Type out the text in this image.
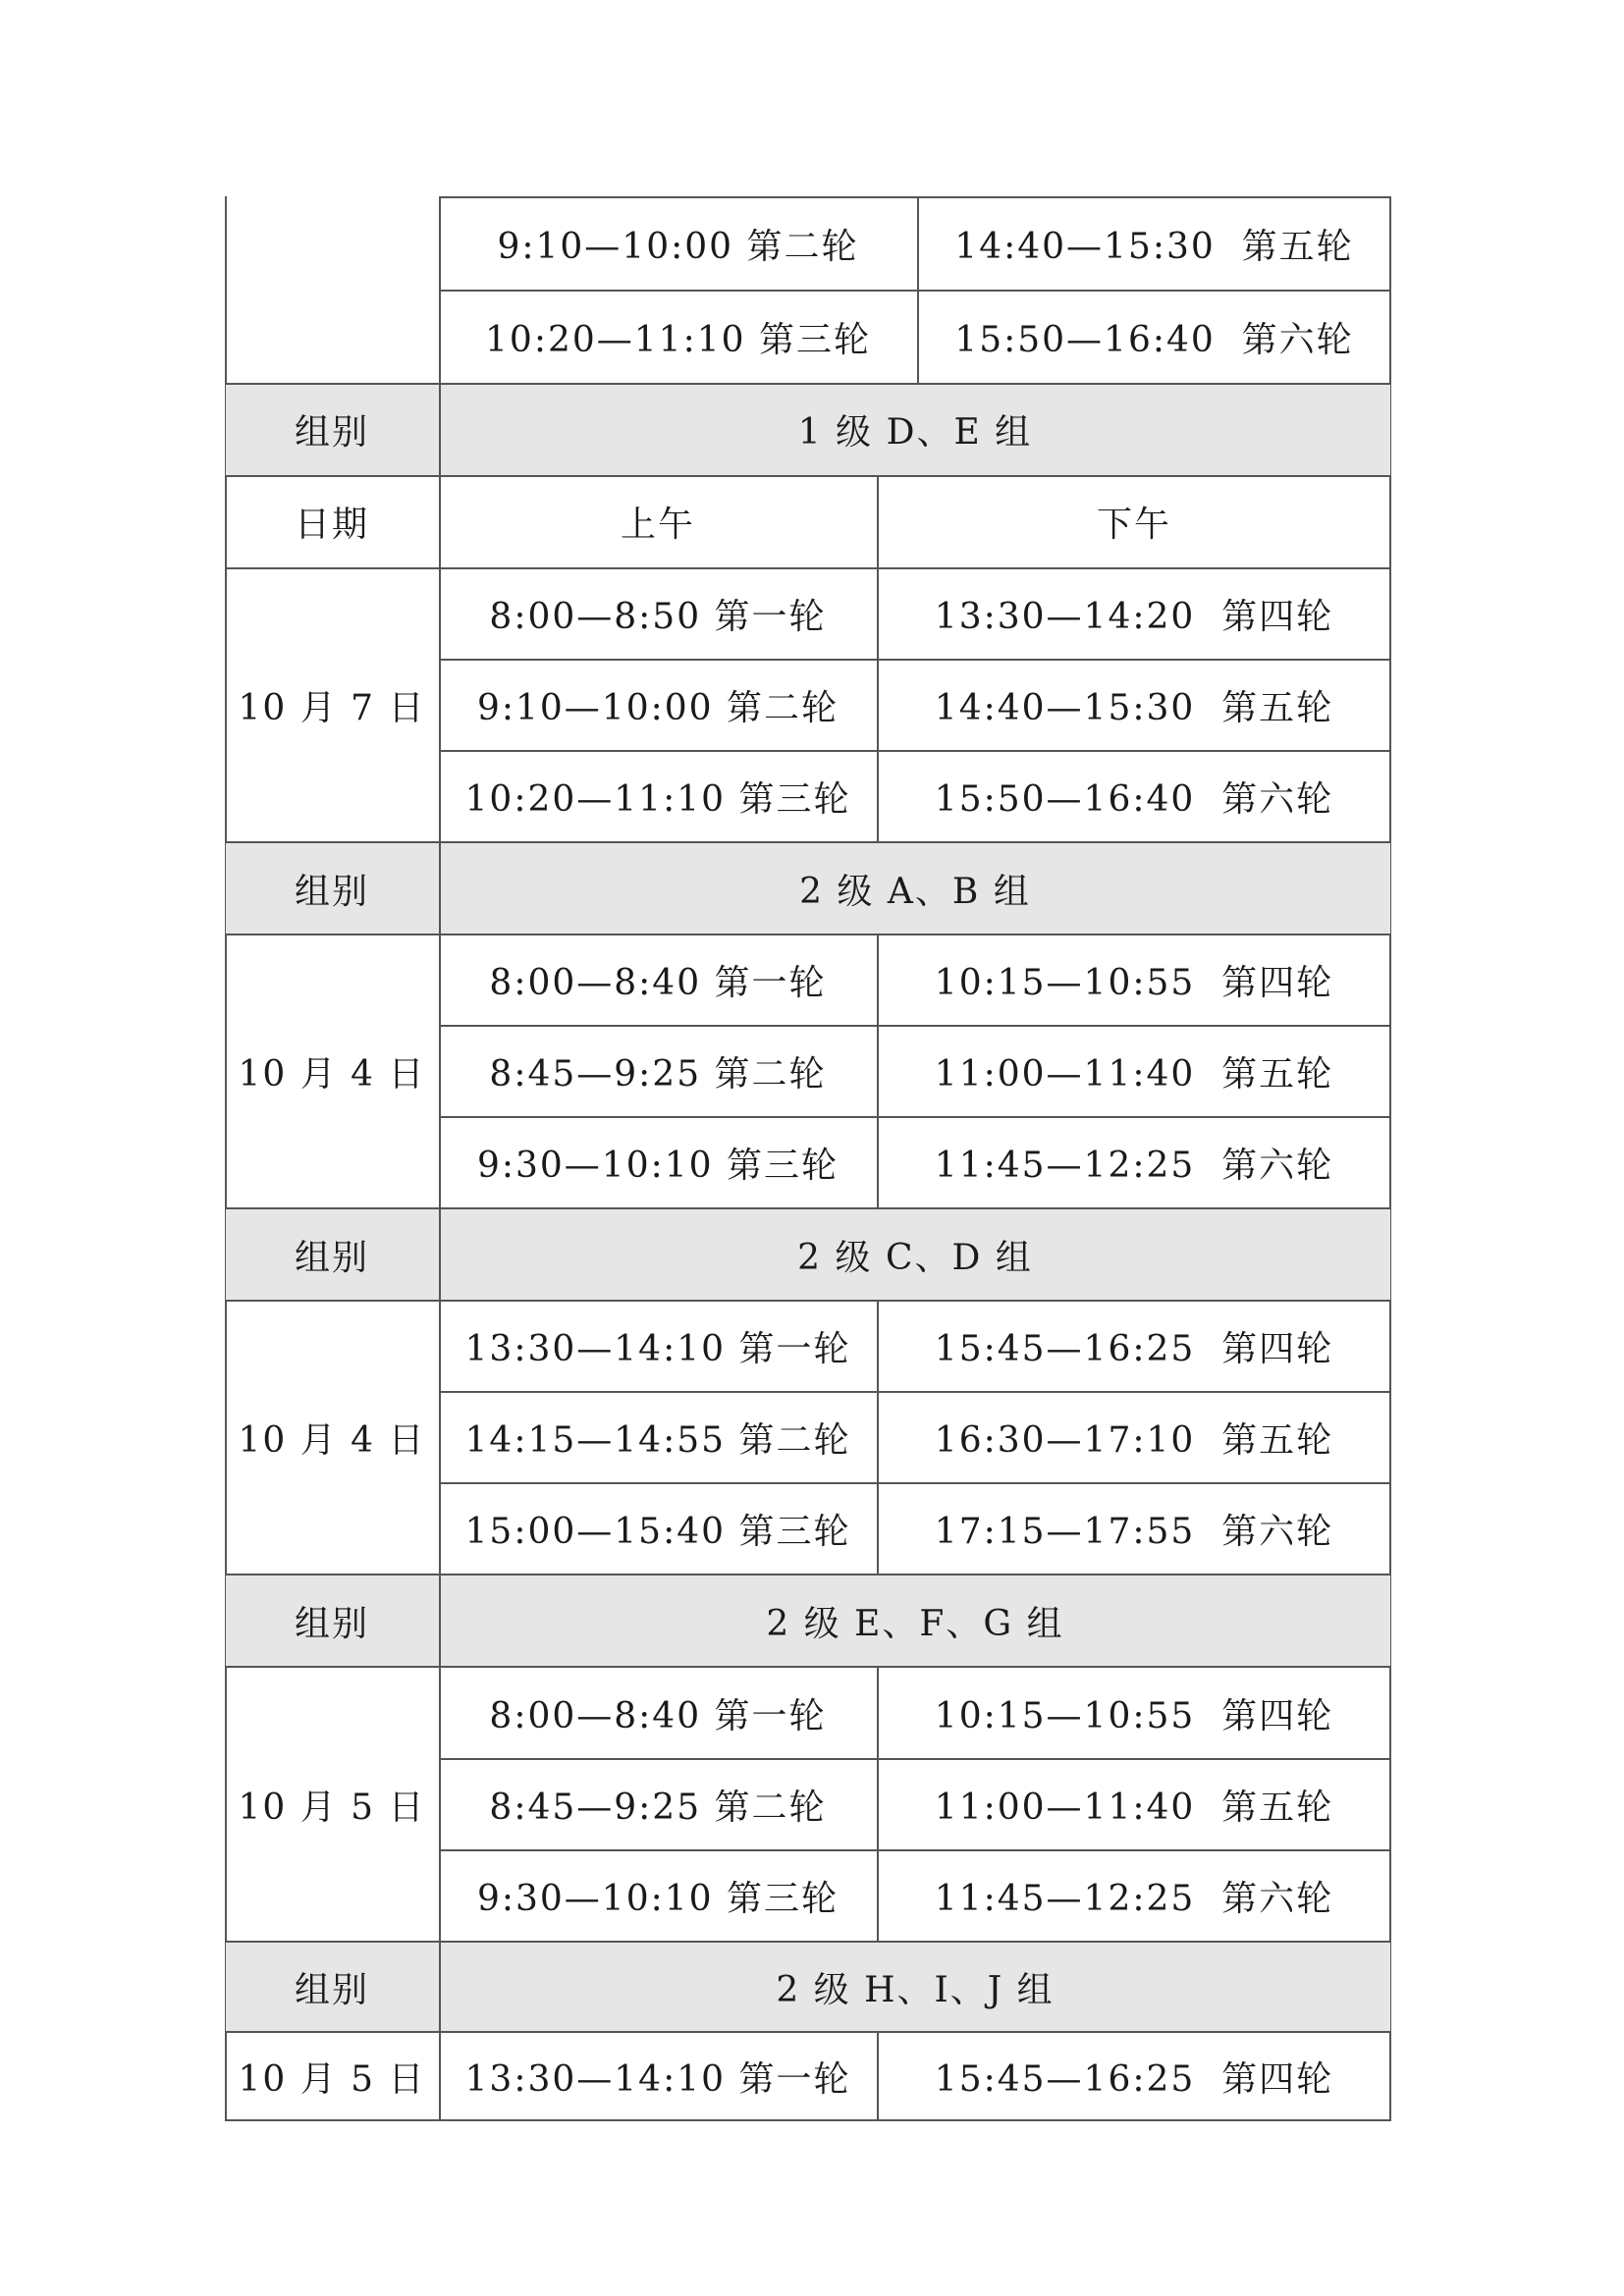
9:10—10:00 第二轮	14:40—15:30  第五轮
10:20—11:10 第三轮	15:50—16:40  第六轮
组别	1 级 D、E 组
日期	上午	下午
10 月 7 日
8:00—8:50 第一轮	13:30—14:20  第四轮
9:10—10:00 第二轮	14:40—15:30  第五轮
10:20—11:10 第三轮	15:50—16:40  第六轮
组别	2 级 A、B 组
10 月 4 日
8:00—8:40 第一轮	10:15—10:55  第四轮
8:45—9:25 第二轮	11:00—11:40  第五轮
9:30—10:10 第三轮	11:45—12:25  第六轮
组别	2 级 C、D 组
10 月 4 日
13:30—14:10 第一轮	15:45—16:25  第四轮
14:15—14:55 第二轮	16:30—17:10  第五轮
15:00—15:40 第三轮	17:15—17:55  第六轮
组别	2 级 E、F、G 组
10 月 5 日
8:00—8:40 第一轮	10:15—10:55  第四轮
8:45—9:25 第二轮	11:00—11:40  第五轮
9:30—10:10 第三轮	11:45—12:25  第六轮
组别	2 级 H、I、J 组
10 月 5 日	13:30—14:10 第一轮	15:45—16:25  第四轮
